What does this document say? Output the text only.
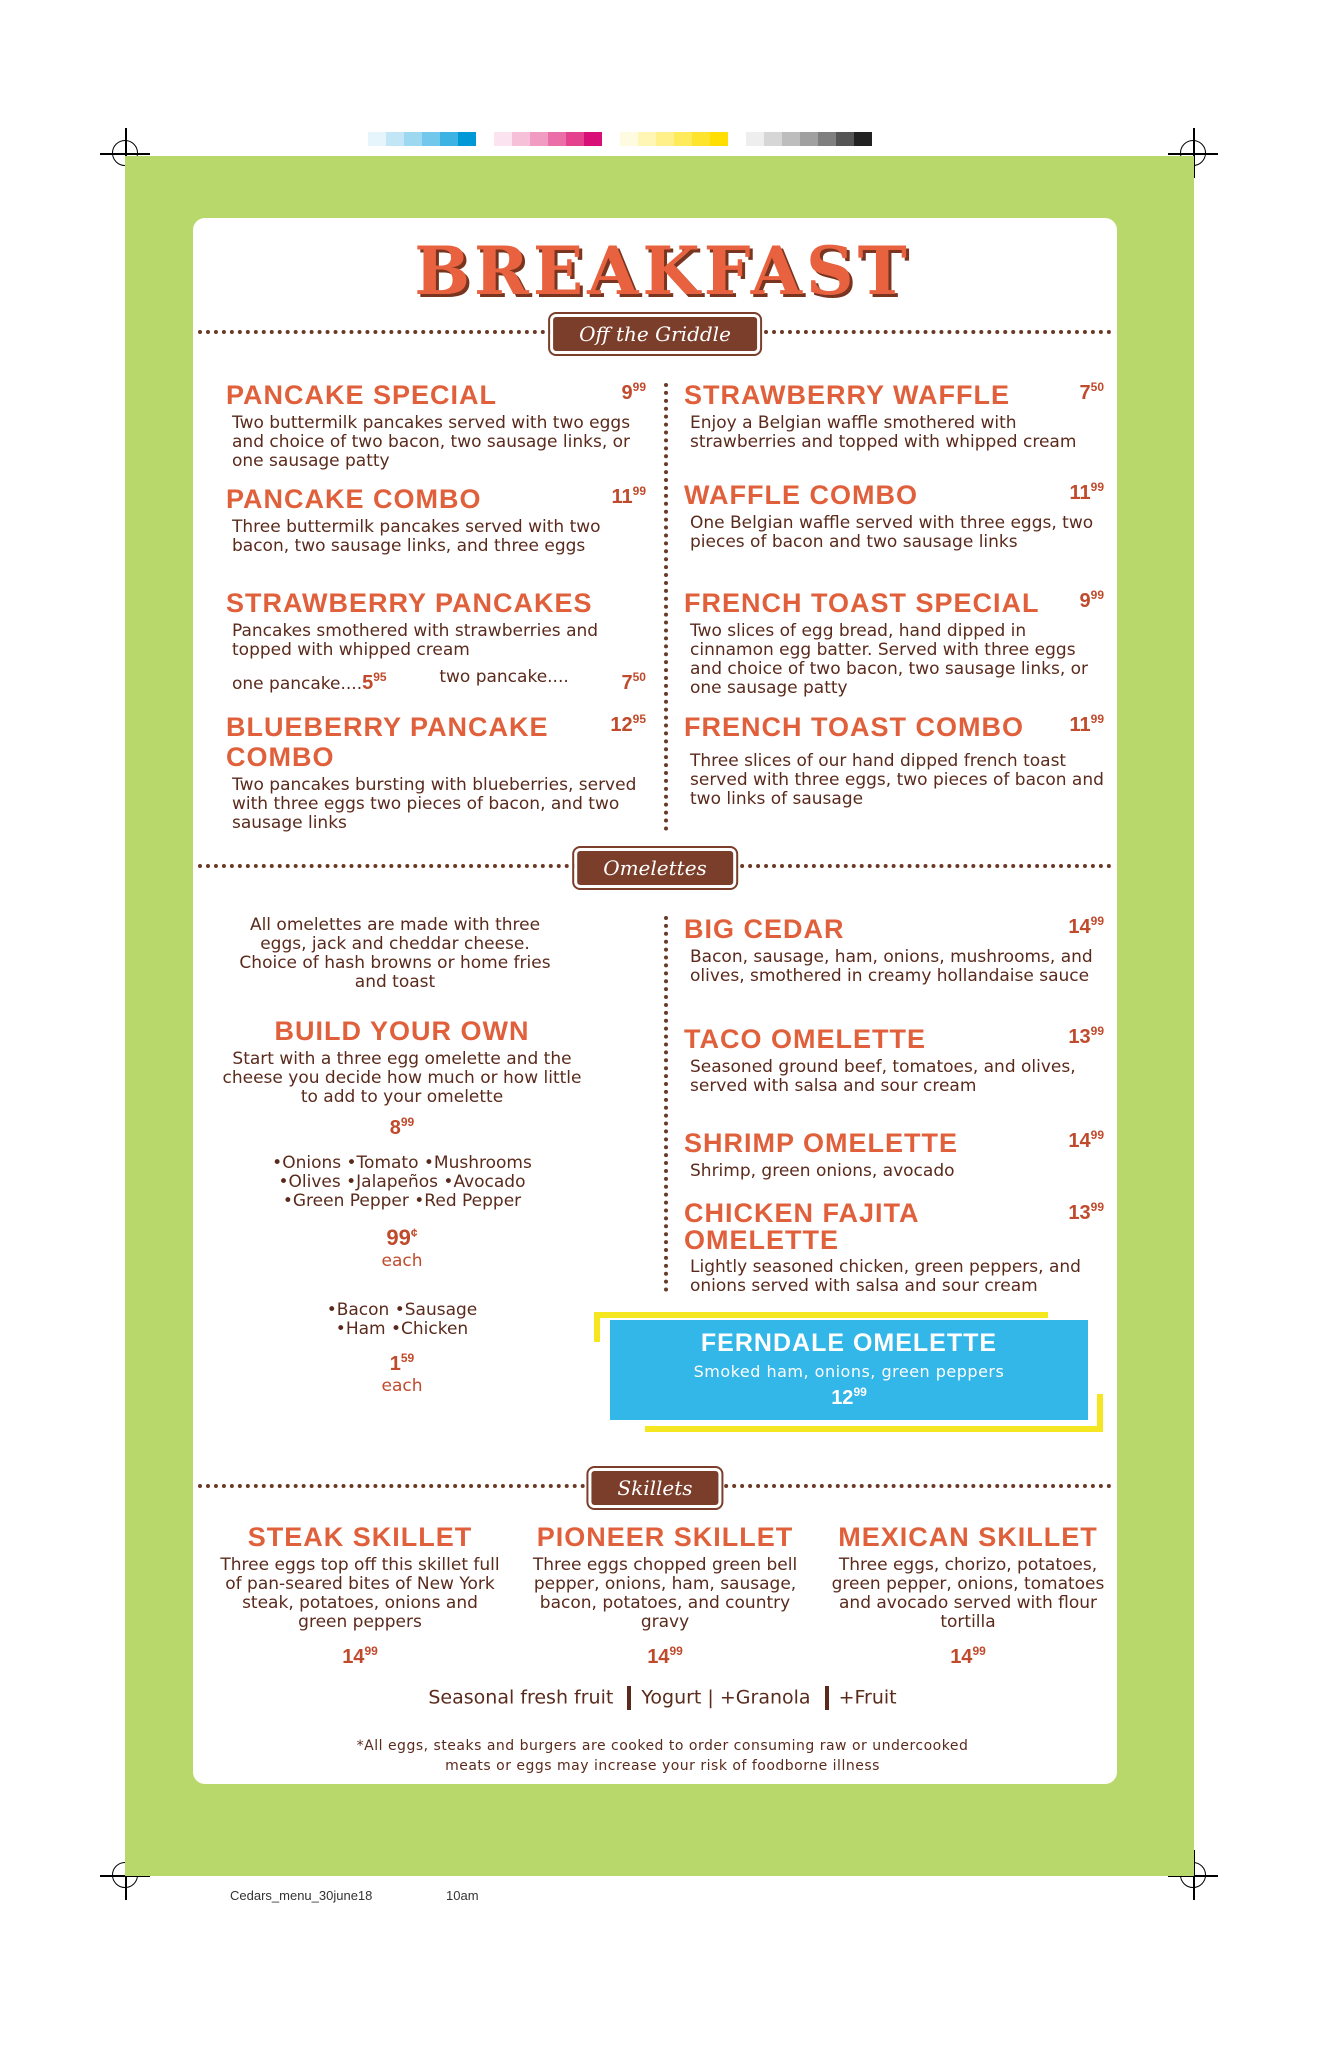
BREAKFAST
Off the Griddle
PANCAKE SPECIAL	$9^{99}$
Two buttermilk pancakes served with two eggs and choice of two bacon, two sausage links, or one sausage patty
PANCAKE COMBO	$11^{99}$
Three buttermilk pancakes served with two bacon, two sausage links, and three eggs
STRAWBERRY PANCAKES
Pancakes smothered with strawberries and topped with whipped cream
one pancake....5$^{95}$	two pancake....	$7^{50}$
BLUEBERRY PANCAKE COMBO
$12^{95}$
Two pancakes bursting with blueberries, served with three eggs two pieces of bacon, and two sausage links
STRAWBERRY WAFFLE	$7^{50}$
Enjoy a Belgian waffle smothered with strawberries and topped with whipped cream
WAFFLE COMBO	$11^{99}$
One Belgian waffle served with three eggs, two pieces of bacon and two sausage links
FRENCH TOAST SPECIAL $9^{99}$
Two slices of egg bread, hand dipped in cinnamon egg batter. Served with three eggs and choice of two bacon, two sausage links, or one sausage patty
FRENCH TOAST COMBO $11^{99}$
Three slices of our hand dipped french toast served with three eggs, two pieces of bacon and two links of sausage
Omelettes
All omelettes are made with three eggs, jack and cheddar cheese. Choice of hash browns or home fries and toast
BUILD YOUR OWN
Start with a three egg omelette and the cheese you decide how much or how little to add to your omelette
$8^{99}$
•Onions •Tomato •Mushrooms
•Olives •Jalapeños •Avocado
•Green Pepper •Red Pepper
99¢
each
•Bacon •Sausage
•Ham •Chicken
$1^{59}$
each
BIG CEDAR	$14^{99}$
Bacon, sausage, ham, onions, mushrooms, and olives, smothered in creamy hollandaise sauce
TACO OMELETTE	$13^{99}$
Seasoned ground beef, tomatoes, and olives, served with salsa and sour cream
SHRIMP OMELETTE	$14^{99}$
Shrimp, green onions, avocado
CHICKEN FAJITA OMELETTE
$13^{99}$
Lightly seasoned chicken, green peppers, and onions served with salsa and sour cream
FERNDALE OMELETTE
Smoked ham, onions, green peppers
$12^{99}$
Skillets
STEAK SKILLET
Three eggs top off this skillet full of pan-seared bites of New York steak, potatoes, onions and green peppers
$14^{99}$
PIONEER SKILLET
Three eggs chopped green bell pepper, onions, ham, sausage, bacon, potatoes, and country gravy
$14^{99}$
MEXICAN SKILLET
Three eggs, chorizo, potatoes, green pepper, onions, tomatoes and avocado served with flour tortilla
$14^{99}$
Seasonal fresh fruit Yogurt | +Granola +Fruit
*All eggs, steaks and burgers are cooked to order consuming raw or undercooked
meats or eggs may increase your risk of foodborne illness
Cedars_menu_30june18	10am
